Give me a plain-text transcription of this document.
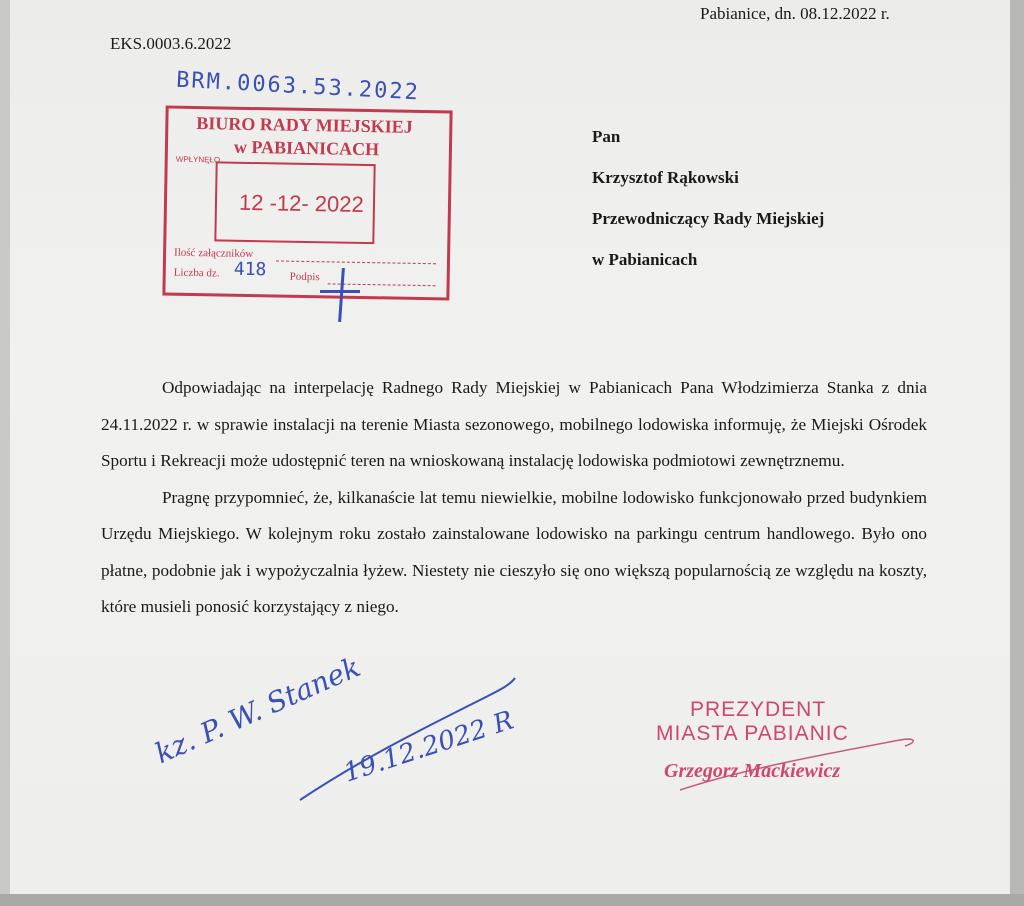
Pabianice, dn. 08.12.2022 r.
EKS.0003.6.2022
BRM.0063.53.2022
BIURO RADY MIEJSKIEJ
w PABIANICACH
WPŁYNĘŁO
12 -12- 2022
Ilość załączników
Liczba dz. 418 Podpis
Pan
Krzysztof Rąkowski
Przewodniczący Rady Miejskiej
w Pabianicach

Odpowiadając na interpelację Radnego Rady Miejskiej w Pabianicach Pana Włodzimierza Stanka z dnia 24.11.2022 r. w sprawie instalacji na terenie Miasta sezonowego, mobilnego lodowiska informuję, że Miejski Ośrodek Sportu i Rekreacji może udostępnić teren na wnioskowaną instalację lodowiska podmiotowi zewnętrznemu.

Pragnę przypomnieć, że, kilkanaście lat temu niewielkie, mobilne lodowisko funkcjonowało przed budynkiem Urzędu Miejskiego. W kolejnym roku zostało zainstalowane lodowisko na parkingu centrum handlowego. Było ono płatne, podobnie jak i wypożyczalnia łyżew. Niestety nie cieszyło się ono większą popularnością ze względu na koszty, które musieli ponosić korzystający z niego.

kz. P. W. Stanek
19.12.2022 R	PREZYDENT
MIASTA PABIANIC
Grzegorz Mackiewicz
